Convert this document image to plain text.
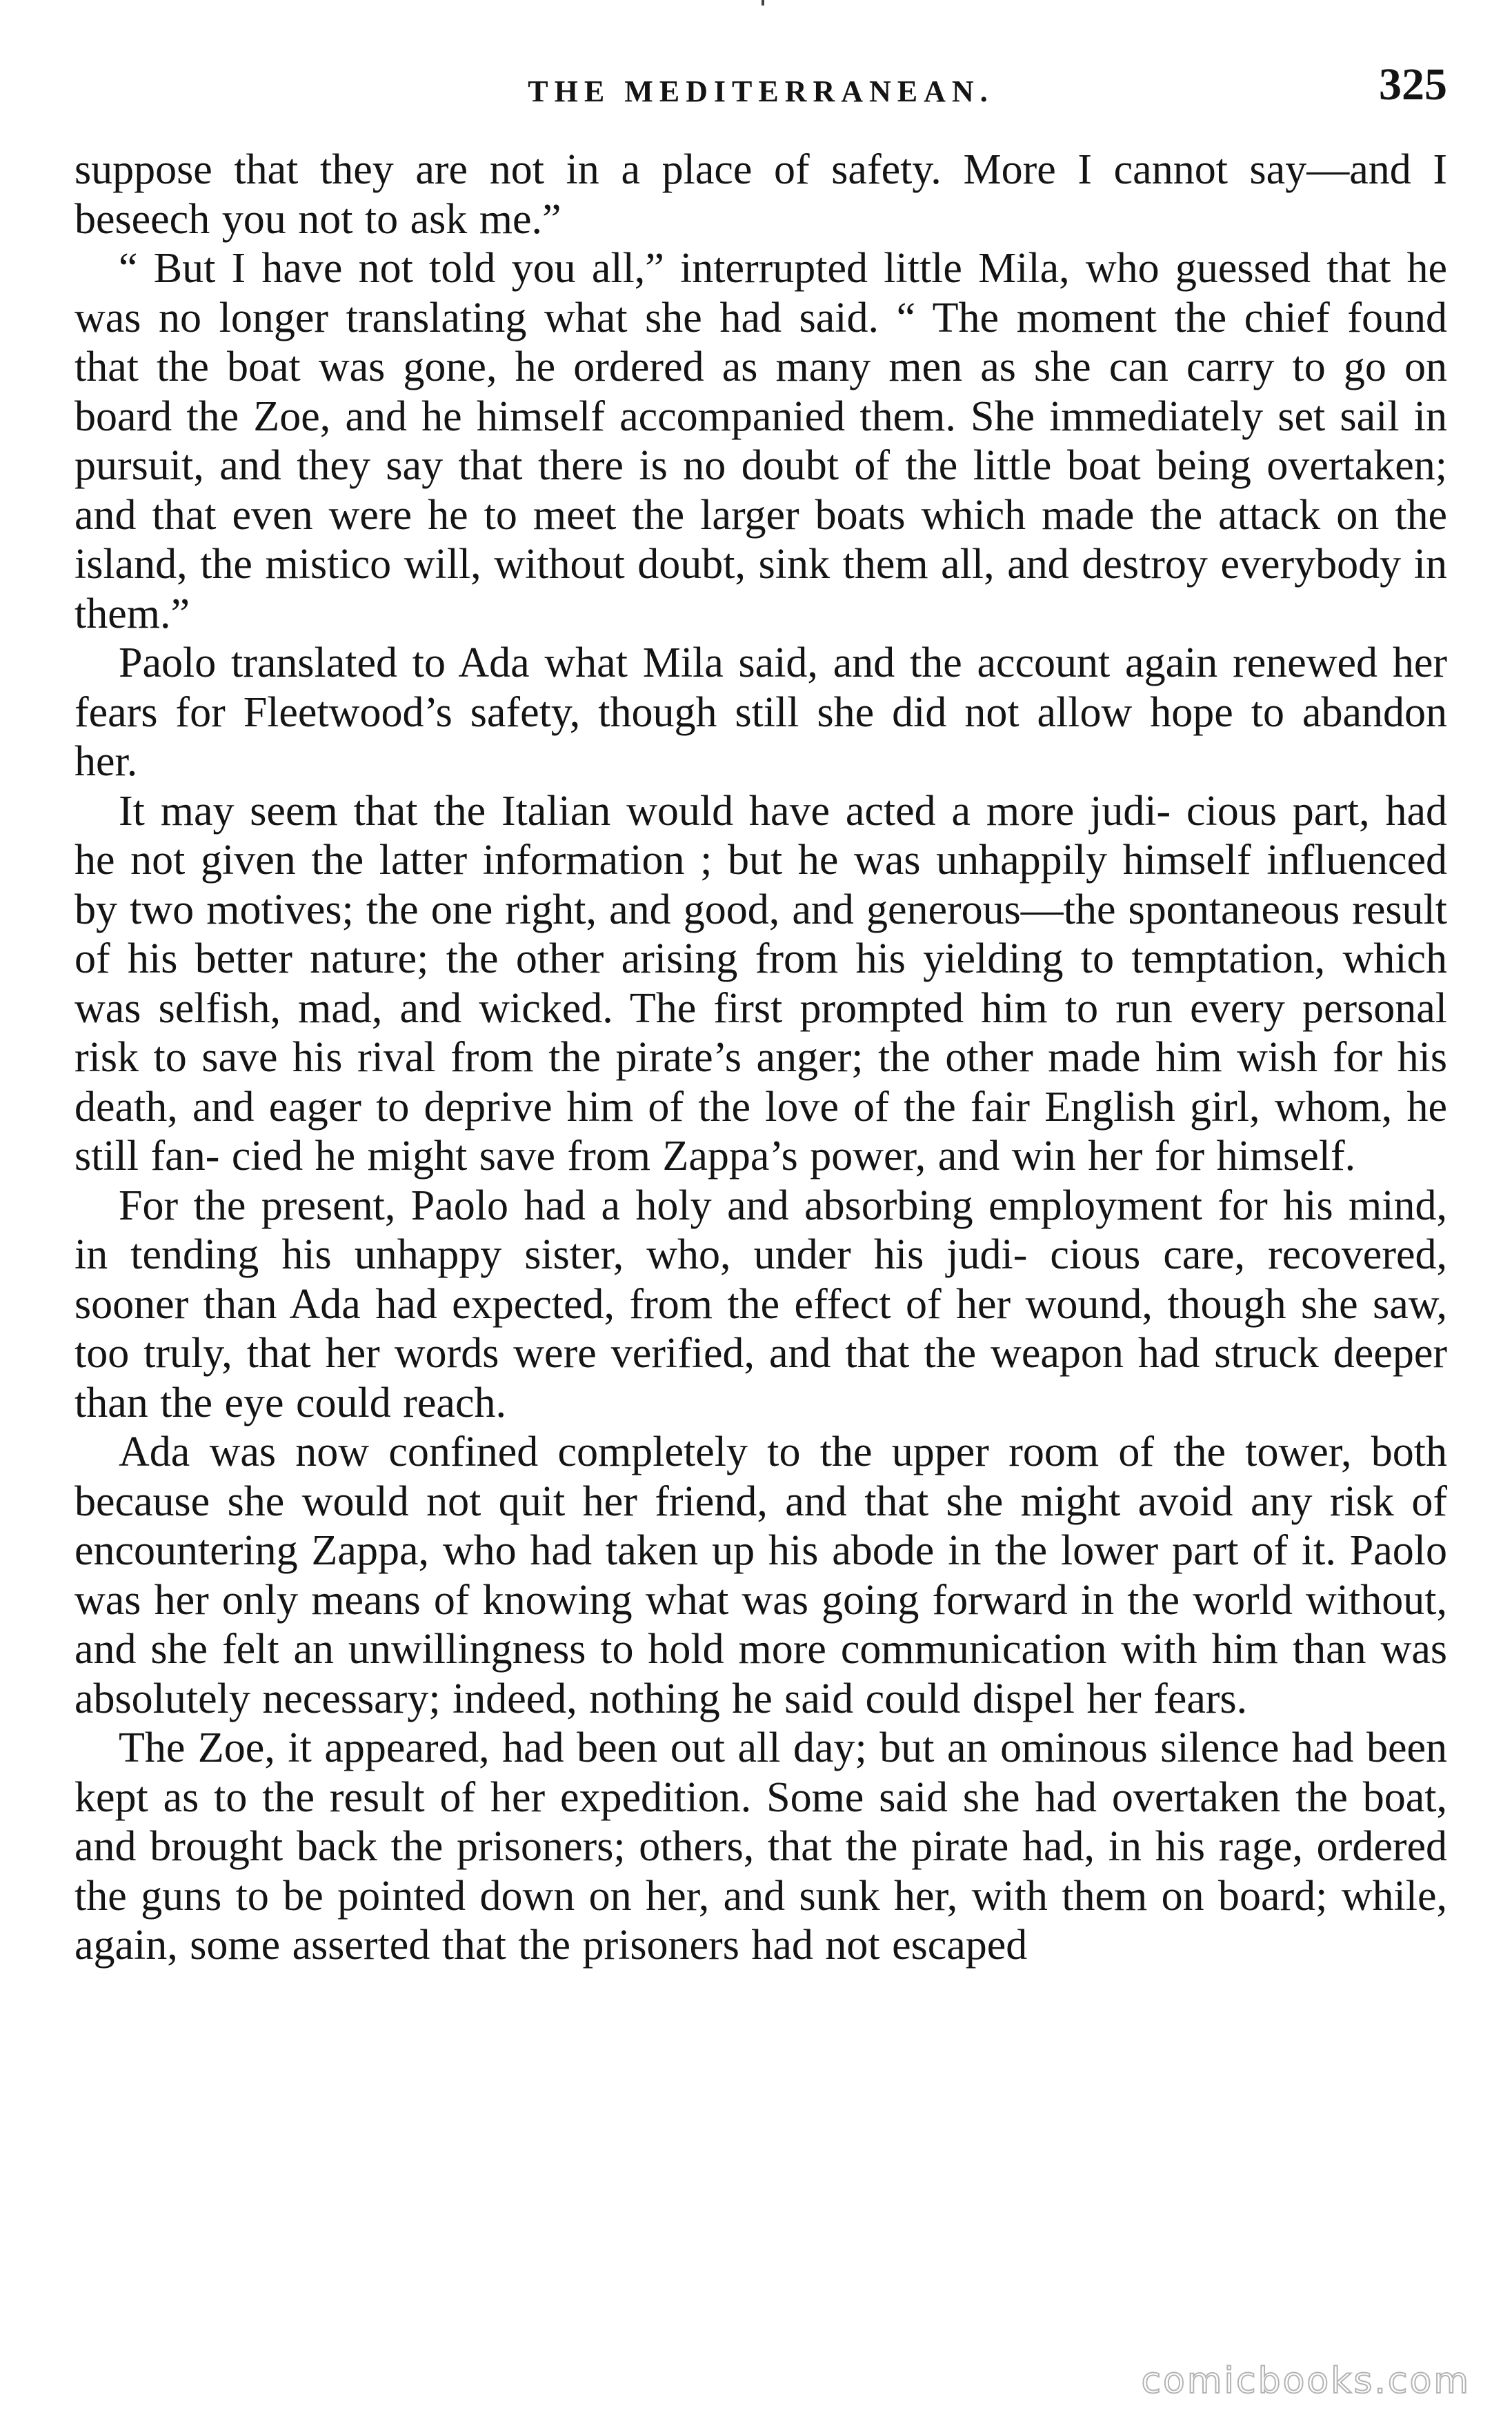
THE MEDITERRANEAN.	325

suppose that they are not in a place of safety. More I cannot say—and I beseech you not to ask me.”

“ But I have not told you all,” interrupted little Mila, who guessed that he was no longer translating what she had said. “ The moment the chief found that the boat was gone, he ordered as many men as she can carry to go on board the Zoe, and he himself accompanied them. She immediately set sail in pursuit, and they say that there is no doubt of the little boat being overtaken; and that even were he to meet the larger boats which made the attack on the island, the mistico will, without doubt, sink them all, and destroy everybody in them.”

Paolo translated to Ada what Mila said, and the account again renewed her fears for Fleetwood’s safety, though still she did not allow hope to abandon her.

It may seem that the Italian would have acted a more judi- cious part, had he not given the latter information ; but he was unhappily himself influenced by two motives; the one right, and good, and generous—the spontaneous result of his better nature; the other arising from his yielding to temptation, which was selfish, mad, and wicked. The first prompted him to run every personal risk to save his rival from the pirate’s anger; the other made him wish for his death, and eager to deprive him of the love of the fair English girl, whom, he still fan- cied he might save from Zappa’s power, and win her for himself.

For the present, Paolo had a holy and absorbing employment for his mind, in tending his unhappy sister, who, under his judi- cious care, recovered, sooner than Ada had expected, from the effect of her wound, though she saw, too truly, that her words were verified, and that the weapon had struck deeper than the eye could reach.

Ada was now confined completely to the upper room of the tower, both because she would not quit her friend, and that she might avoid any risk of encountering Zappa, who had taken up his abode in the lower part of it. Paolo was her only means of knowing what was going forward in the world without, and she felt an unwillingness to hold more communication with him than was absolutely necessary; indeed, nothing he said could dispel her fears.

The Zoe, it appeared, had been out all day; but an ominous silence had been kept as to the result of her expedition. Some said she had overtaken the boat, and brought back the prisoners; others, that the pirate had, in his rage, ordered the guns to be pointed down on her, and sunk her, with them on board; while, again, some asserted that the prisoners had not escaped

comicbooks.com
